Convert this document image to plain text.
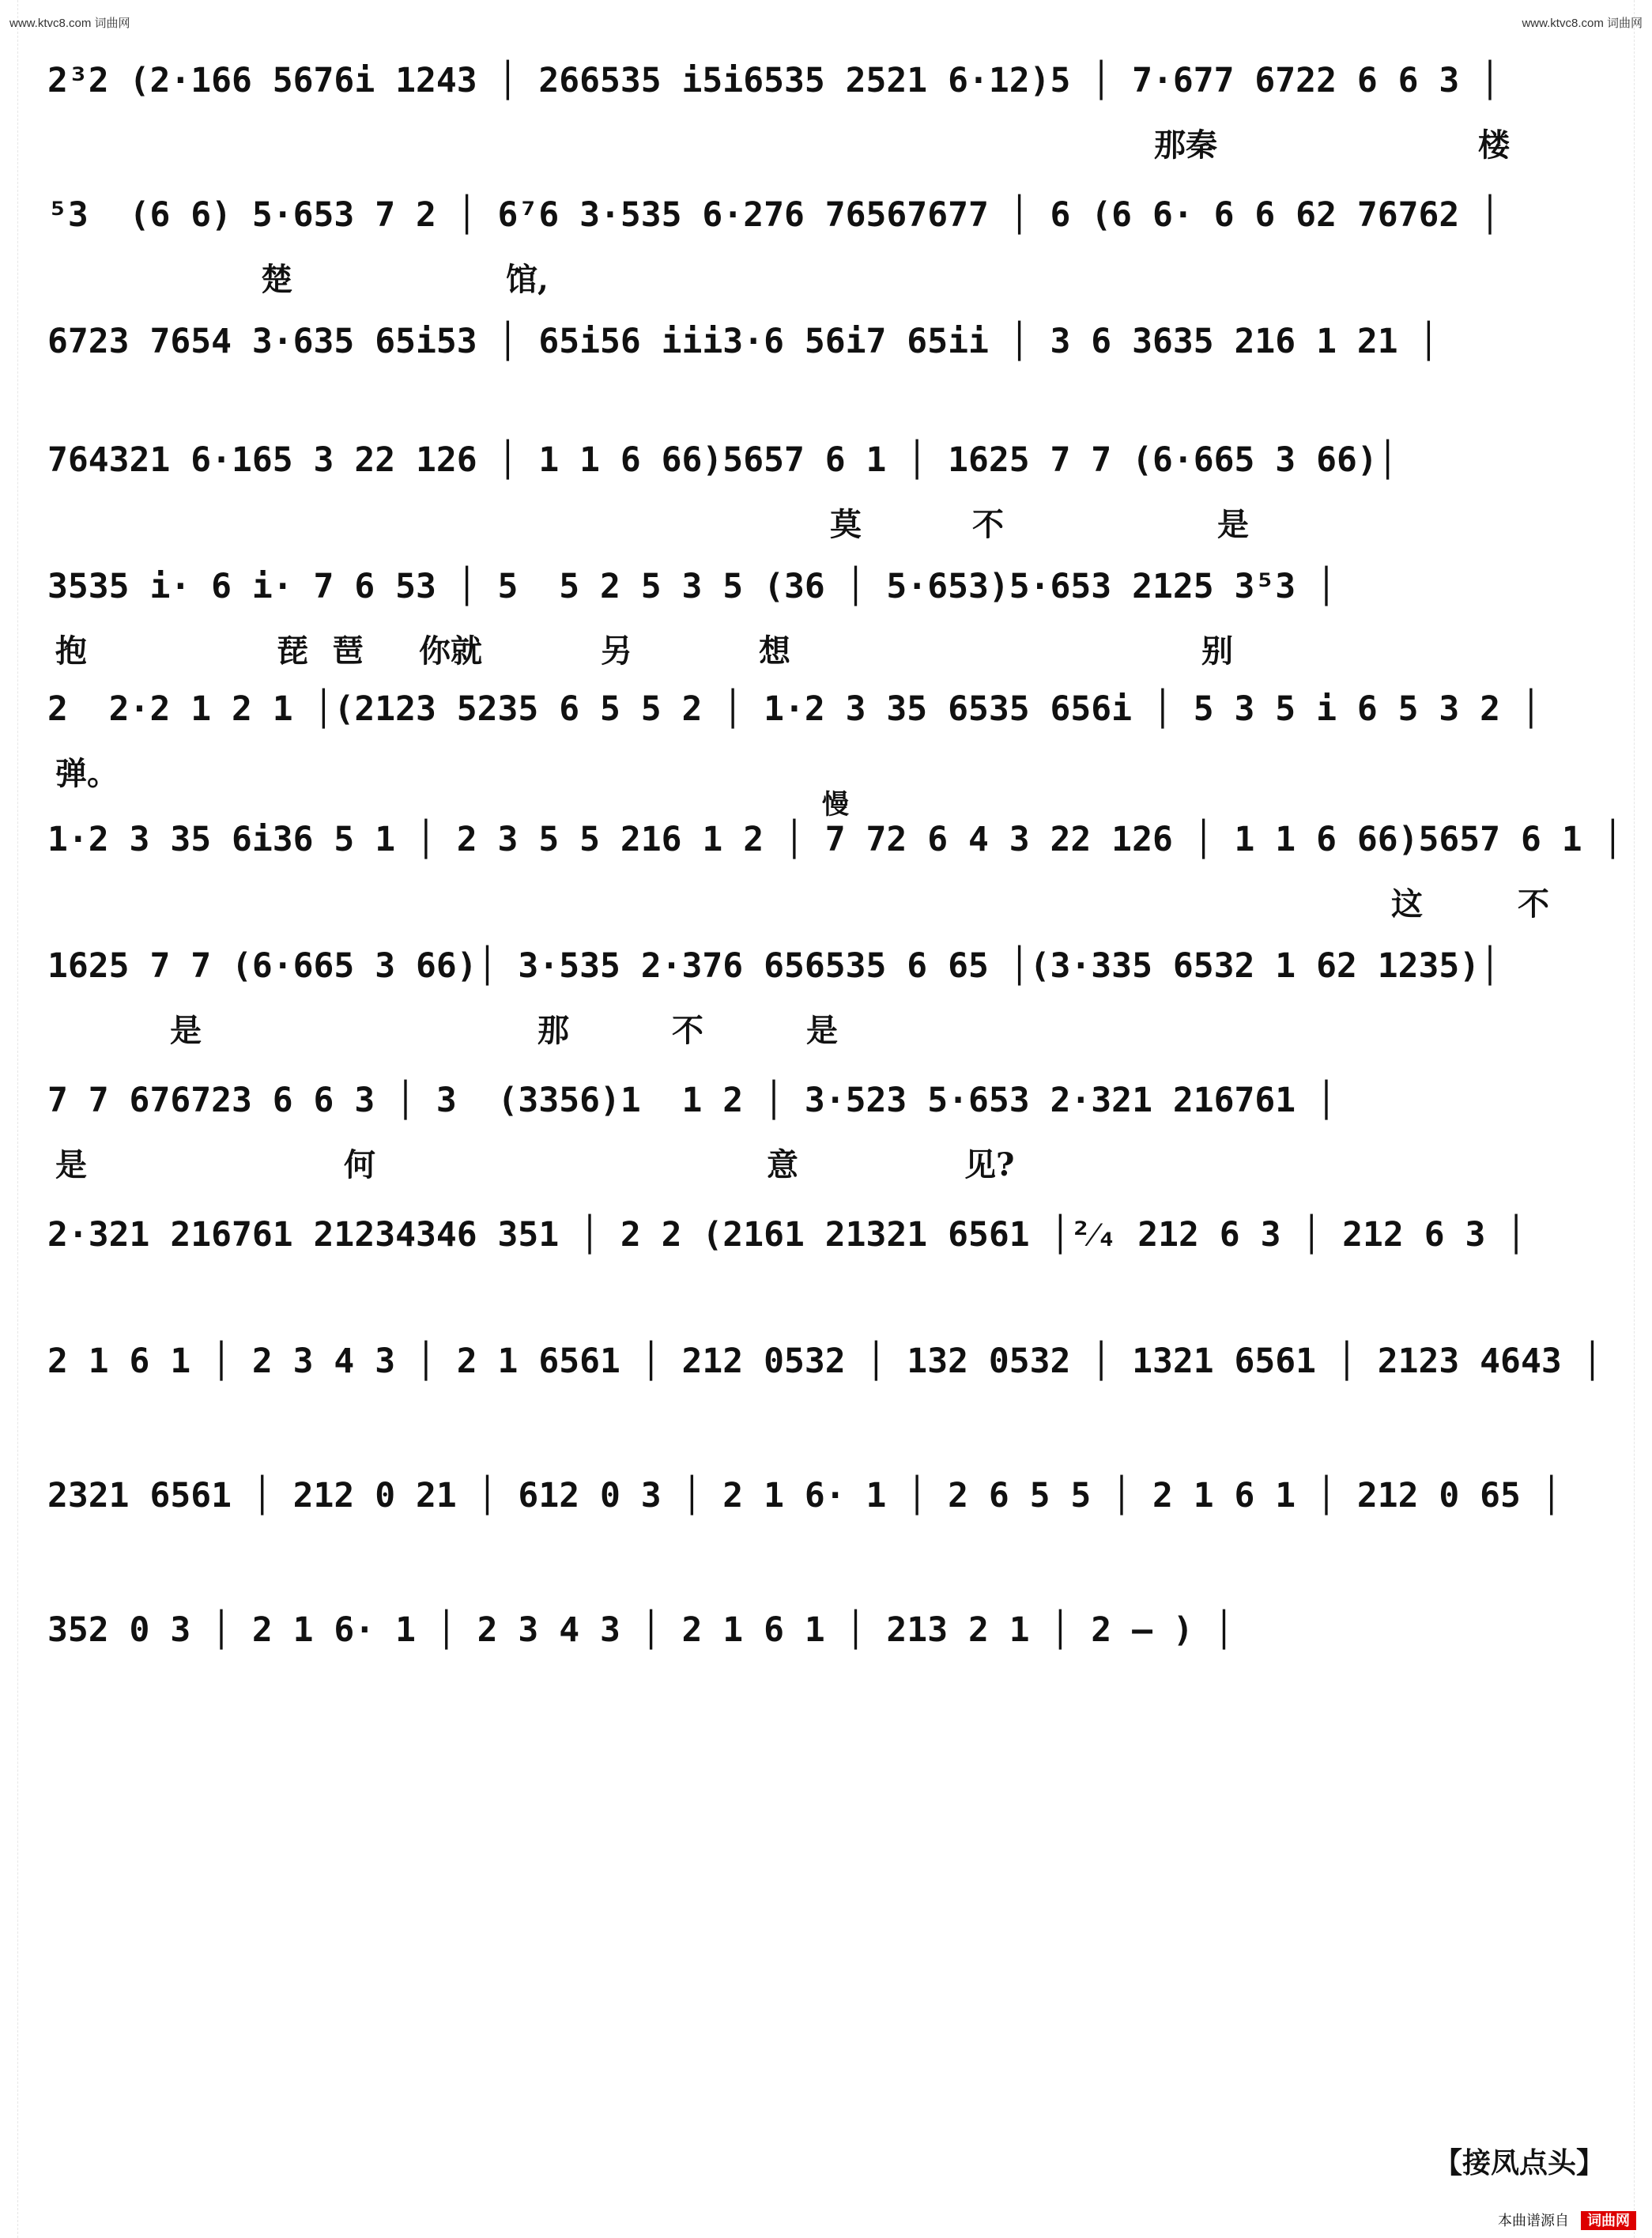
www.ktvc8.com 词曲网	www.ktvc8.com 词曲网
2³2 (2·166 5676i 1243 │ 266535 i5i6535 2521 6·12)5 │ 7·677 6722 6 6 3 │
那秦	楼
⁵3  (6 6) 5·653 7 2 │ 6⁷6 3·535 6·276 76567677 │ 6 (6 6· 6 6 62 76762 │
楚	馆,
6723 7654 3·635 65i53 │ 65i56 iii3·6 56i7 65ii │ 3 6 3635 216 1 21 │
764321 6·165 3 22 126 │ 1 1 6 66)5657 6 1 │ 1625 7 7 (6·665 3 66)│
莫	不	是
3535 i· 6 i· 7 6 53 │ 5  5 2 5 3 5 (36 │ 5·653)5·653 2125 3⁵3 │
抱	琵 琶 你就	另	想	别
2  2·2 1 2 1 │(2123 5235 6 5 5 2 │ 1·2 3 35 6535 656i │ 5 3 5 i 6 5 3 2 │
弹。
1·2 3 35 6i36 5 1 │ 2 3 5 5 216 1 2 │ 7 72 6 4 3 22 126 │ 1 1 6 66)5657 6 1 │
慢
这	不
1625 7 7 (6·665 3 66)│ 3·535 2·376 656535 6 65 │(3·335 6532 1 62 1235)│
是	那	不	是
7 7 676723 6 6 3 │ 3  (3356)1  1 2 │ 3·523 5·653 2·321 216761 │
是	何	意	见?
2·321 216761 21234346 351 │ 2 2 (2161 21321 6561 │²⁄₄ 212 6 3 │ 212 6 3 │
2 1 6 1 │ 2 3 4 3 │ 2 1 6561 │ 212 0532 │ 132 0532 │ 1321 6561 │ 2123 4643 │
2321 6561 │ 212 0 21 │ 612 0 3 │ 2 1 6· 1 │ 2 6 5 5 │ 2 1 6 1 │ 212 0 65 │
352 0 3 │ 2 1 6· 1 │ 2 3 4 3 │ 2 1 6 1 │ 213 2 1 │ 2 – ) │
【接凤点头】
本曲谱源自 词曲网
